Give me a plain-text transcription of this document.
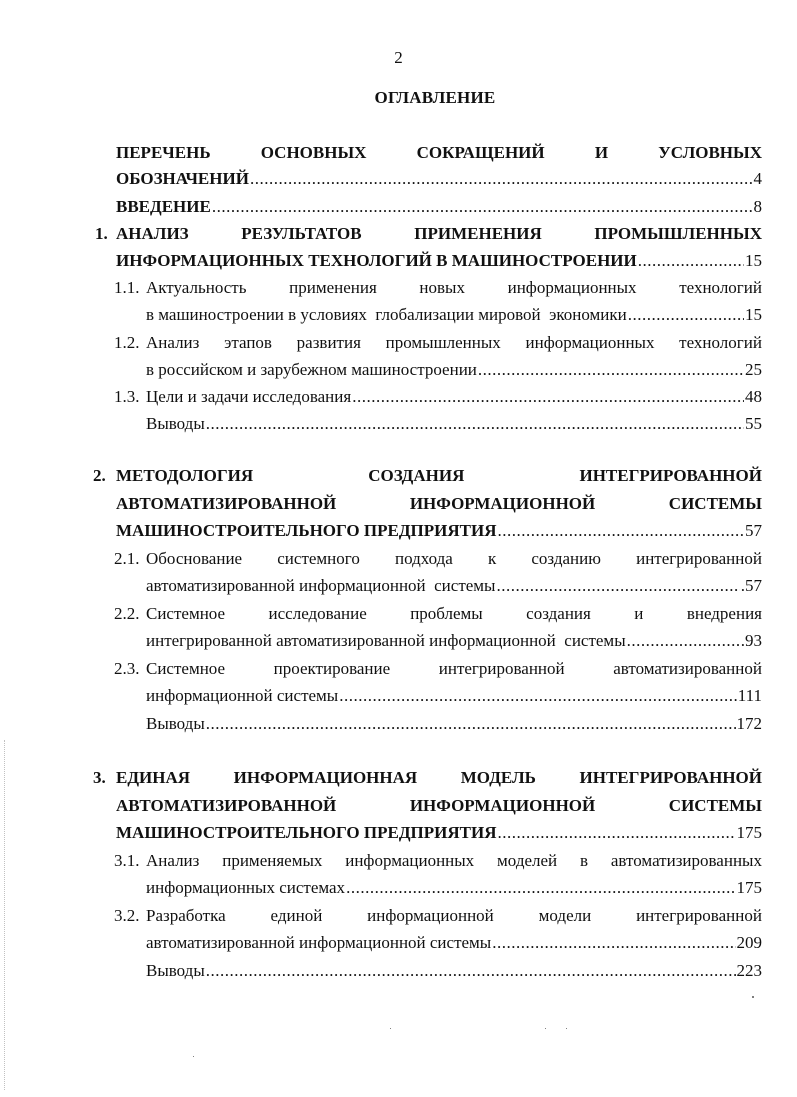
2
ОГЛАВЛЕНИЕ
ПЕРЕЧЕНЬ	ОСНОВНЫХ	СОКРАЩЕНИЙ	И	УСЛОВНЫХ
ОБОЗНАЧЕНИЙ .....	4
ВВЕДЕНИЕ .....	8
1. АНАЛИЗ	РЕЗУЛЬТАТОВ	ПРИМЕНЕНИЯ	ПРОМЫШЛЕННЫХ
ИНФОРМАЦИОННЫХ ТЕХНОЛОГИЙ В МАШИНОСТРОЕНИИ .....	15
1.1. Актуальность	применения	новых	информационных	технологий
в машиностроении в условиях  глобализации мировой  экономики .....	15
1.2. Анализ этапов развития промышленных информационных технологий
в российском и зарубежном машиностроении .....	25
1.3. Цели и задачи исследования .....	48
Выводы .....	55
2. МЕТОДОЛОГИЯ	СОЗДАНИЯ	ИНТЕГРИРОВАННОЙ
АВТОМАТИЗИРОВАННОЙ	ИНФОРМАЦИОННОЙ	СИСТЕМЫ
МАШИНОСТРОИТЕЛЬНОГО ПРЕДПРИЯТИЯ .....	57
2.1. Обоснование системного подхода к созданию интегрированной
автоматизированной информационной  системы .....	.57
2.2. Системное	исследование	проблемы	создания	и	внедрения
интегрированной автоматизированной информационной  системы .....	.93
2.3. Системное	проектирование	интегрированной	автоматизированной
информационной системы .....	.111
Выводы .....	172
3. ЕДИНАЯ	ИНФОРМАЦИОННАЯ	МОДЕЛЬ	ИНТЕГРИРОВАННОЙ
АВТОМАТИЗИРОВАННОЙ	ИНФОРМАЦИОННОЙ	СИСТЕМЫ
МАШИНОСТРОИТЕЛЬНОГО ПРЕДПРИЯТИЯ .....	175
3.1. Анализ применяемых информационных моделей в автоматизированных
информационных системах .....	175
3.2. Разработка	единой	информационной	модели	интегрированной
автоматизированной информационной системы .....	209
Выводы .....	223
